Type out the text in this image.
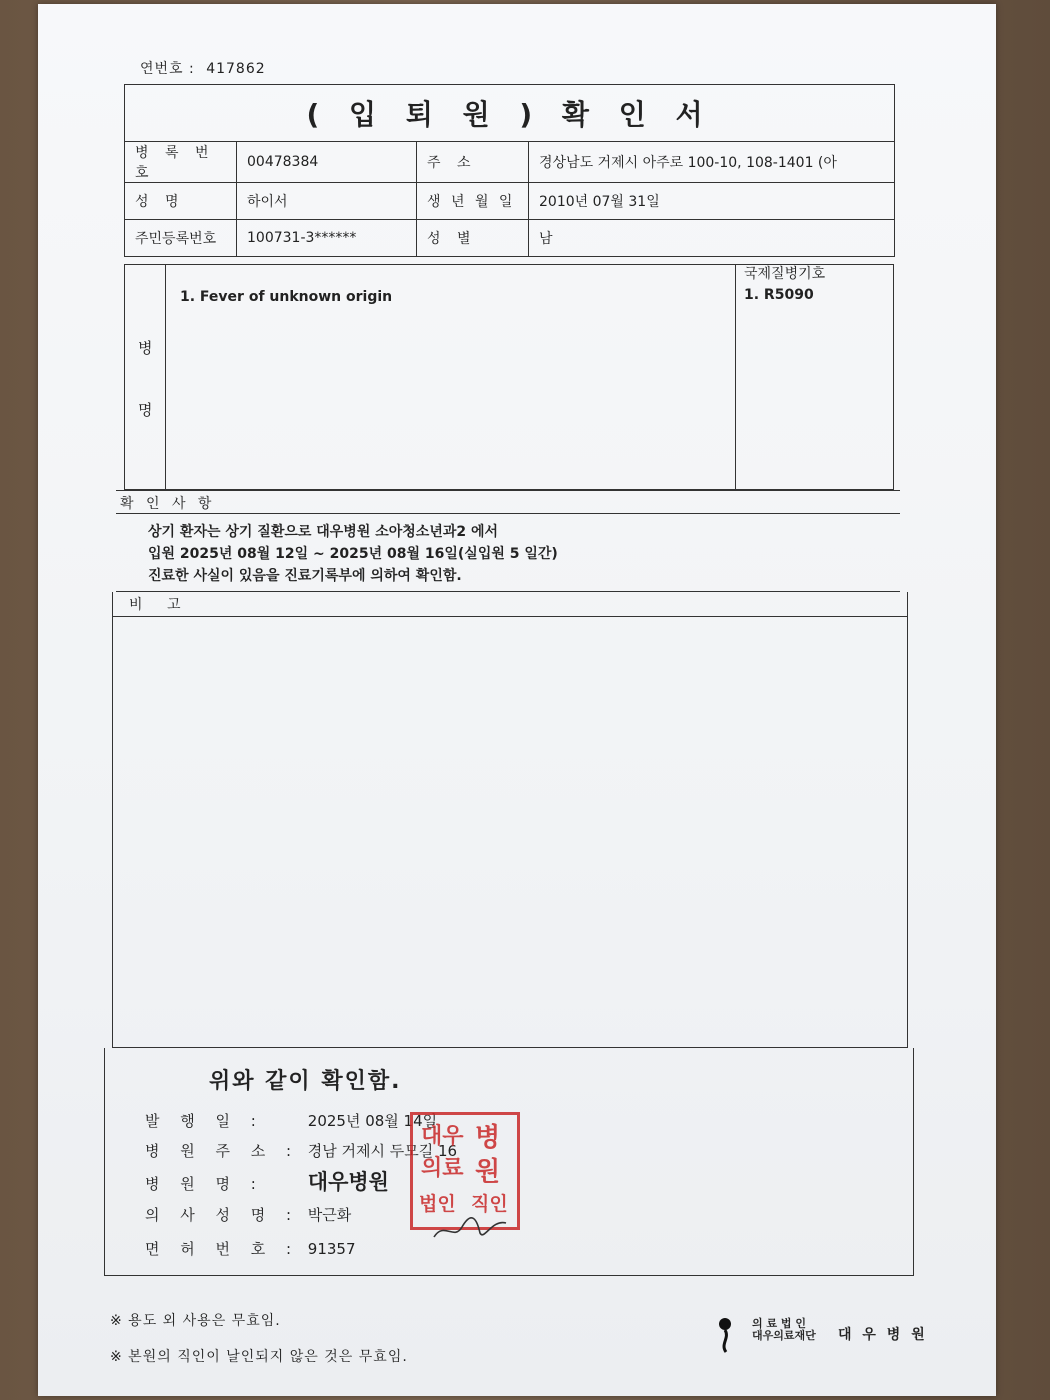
연번호 : 417862
( 입 퇴 원 ) 확 인 서			
병 록 번 호	00478384	주 소	경상남도 거제시 아주로 100-10, 108-1401 (아
성 명	하이서	생 년 월 일	2010년 07월 31일
주민등록번호	100731-3******	성 별	남
병
명
1. Fever of unknown origin
국제질병기호
1. R5090
확 인 사 항
상기 환자는 상기 질환으로 대우병원 소아청소년과2 에서
입원 2025년 08월 12일 ~ 2025년 08월 16일(실입원 5 일간)
진료한 사실이 있음을 진료기록부에 의하여 확인함.
비 고
위와 같이 확인함.
발 행 일 :	2025년 08월 14일
병 원 주 소 : 경남 거제시 두모길 16
병 원 명 : 대우병원
의 사 성 명 : 박근화
면 허 번 호 : 91357
대우 병
의료 원
법인 직인
※ 용도 외 사용은 무효임.
※ 본원의 직인이 날인되지 않은 것은 무효임.
의 료 법 인
대우의료재단 대 우 병 원
